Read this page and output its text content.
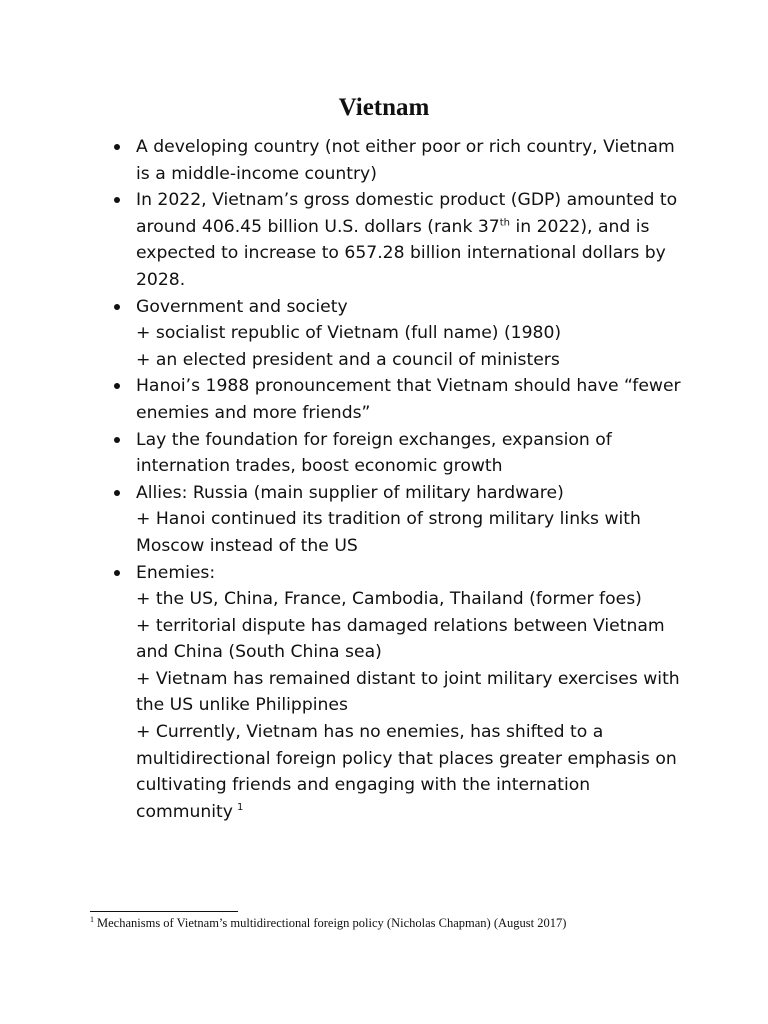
Vietnam
A developing country (not either poor or rich country, Vietnam is a middle-income country)
In 2022, Vietnam’s gross domestic product (GDP) amounted to around 406.45 billion U.S. dollars (rank 37th in 2022), and is expected to increase to 657.28 billion international dollars by 2028.
Government and society
+ socialist republic of Vietnam (full name) (1980)
+ an elected president and a council of ministers
Hanoi’s 1988 pronouncement that Vietnam should have “fewer enemies and more friends”
Lay the foundation for foreign exchanges, expansion of internation trades, boost economic growth
Allies: Russia (main supplier of military hardware)
+ Hanoi continued its tradition of strong military links with Moscow instead of the US
Enemies:
+ the US, China, France, Cambodia, Thailand (former foes)
+ territorial dispute has damaged relations between Vietnam and China (South China sea)
+ Vietnam has remained distant to joint military exercises with the US unlike Philippines
+ Currently, Vietnam has no enemies, has shifted to a multidirectional foreign policy that places greater emphasis on cultivating friends and engaging with the internation community $^1$

$^1$ Mechanisms of Vietnam’s multidirectional foreign policy (Nicholas Chapman) (August 2017)
